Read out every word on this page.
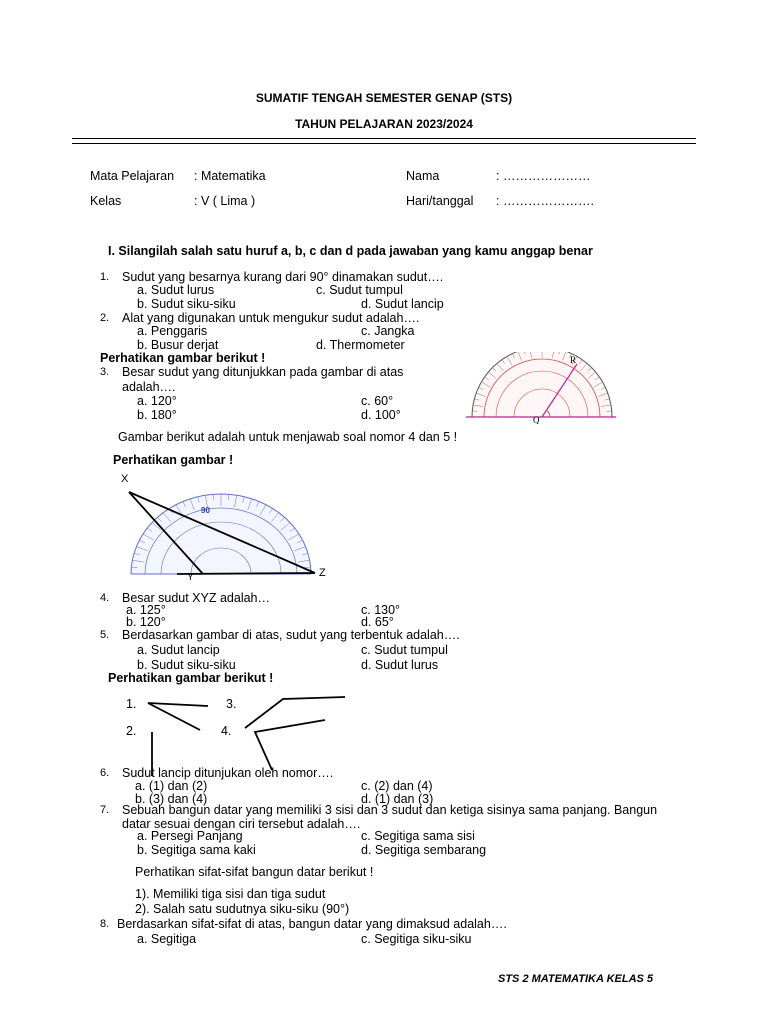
SUMATIF TENGAH SEMESTER GENAP (STS)
TAHUN PELAJARAN 2023/2024
Mata Pelajaran : Matematika	Nama	: …………………
Kelas	: V ( Lima )	Hari/tanggal : ………………….
I. Silangilah salah satu huruf a, b, c dan d pada jawaban yang kamu anggap benar
1. Sudut yang besarnya kurang dari 90° dinamakan sudut….
a. Sudut lurus	c. Sudut tumpul
b. Sudut siku-siku	d. Sudut lancip
2. Alat yang digunakan untuk mengukur sudut adalah….
a. Penggaris	c. Jangka
b. Busur derjat	d. Thermometer
Perhatikan gambar berikut !
3. Besar sudut yang ditunjukkan pada gambar di atas
adalah….
a. 120°	c. 60°
b. 180°	d. 100°
R
Q
Gambar berikut adalah untuk menjawab soal nomor 4 dan 5 !
Perhatikan gambar !
90
X
Y	Z
4. Besar sudut XYZ adalah…
a. 125°	c. 130°
b. 120°	d. 65°
5. Berdasarkan gambar di atas, sudut yang terbentuk adalah….
a. Sudut lancip	c. Sudut tumpul
b. Sudut siku-siku	d. Sudut lurus
Perhatikan gambar berikut !
1.	3.
2.	4.
6. Sudut lancip ditunjukan oleh nomor….
a. (1) dan (2)	c. (2) dan (4)
b. (3) dan (4)	d. (1) dan (3)
7. Sebuah bangun datar yang memiliki 3 sisi dan 3 sudut dan ketiga sisinya sama panjang. Bangun
datar sesuai dengan ciri tersebut adalah….
a. Persegi Panjang	c. Segitiga sama sisi
b. Segitiga sama kaki	d. Segitiga sembarang
Perhatikan sifat-sifat bangun datar berikut !
1). Memiliki tiga sisi dan tiga sudut
2). Salah satu sudutnya siku-siku (90°)
8. Berdasarkan sifat-sifat di atas, bangun datar yang dimaksud adalah….
a. Segitiga	c. Segitiga siku-siku
STS 2 MATEMATIKA KELAS 5
